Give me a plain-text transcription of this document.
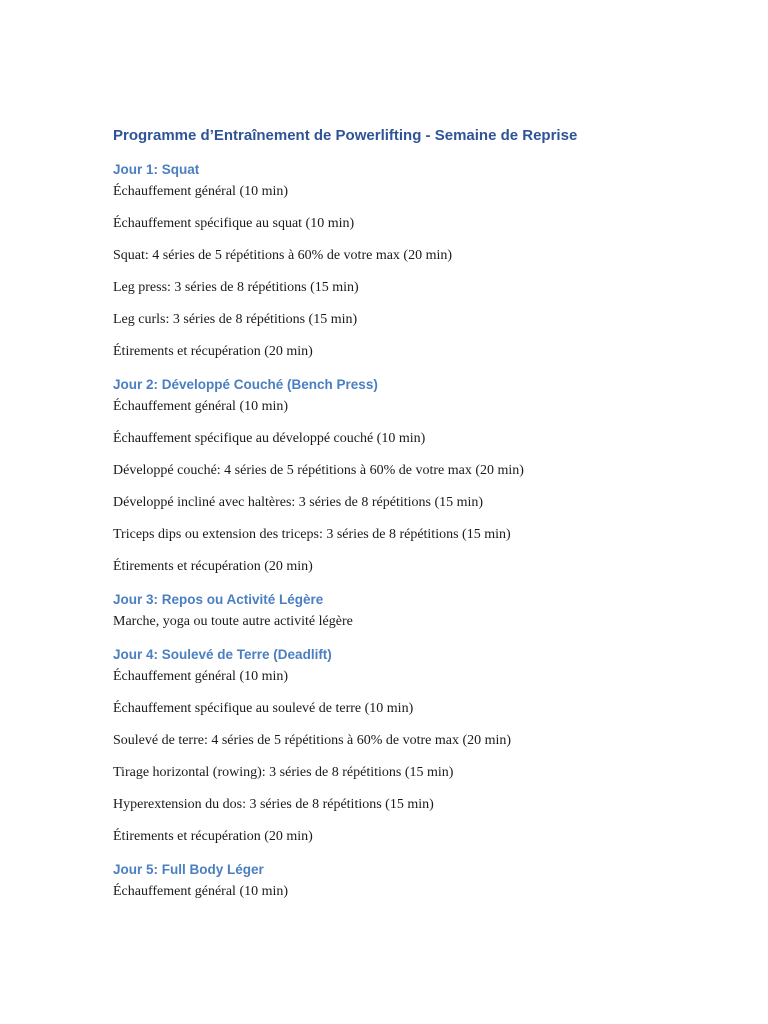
Programme d’Entraînement de Powerlifting - Semaine de Reprise
Jour 1: Squat

Échauffement général (10 min)

Échauffement spécifique au squat (10 min)

Squat: 4 séries de 5 répétitions à 60% de votre max (20 min)

Leg press: 3 séries de 8 répétitions (15 min)

Leg curls: 3 séries de 8 répétitions (15 min)

Étirements et récupération (20 min)

Jour 2: Développé Couché (Bench Press)

Échauffement général (10 min)

Échauffement spécifique au développé couché (10 min)

Développé couché: 4 séries de 5 répétitions à 60% de votre max (20 min)

Développé incliné avec haltères: 3 séries de 8 répétitions (15 min)

Triceps dips ou extension des triceps: 3 séries de 8 répétitions (15 min)

Étirements et récupération (20 min)

Jour 3: Repos ou Activité Légère

Marche, yoga ou toute autre activité légère

Jour 4: Soulevé de Terre (Deadlift)

Échauffement général (10 min)

Échauffement spécifique au soulevé de terre (10 min)

Soulevé de terre: 4 séries de 5 répétitions à 60% de votre max (20 min)

Tirage horizontal (rowing): 3 séries de 8 répétitions (15 min)

Hyperextension du dos: 3 séries de 8 répétitions (15 min)

Étirements et récupération (20 min)

Jour 5: Full Body Léger

Échauffement général (10 min)
